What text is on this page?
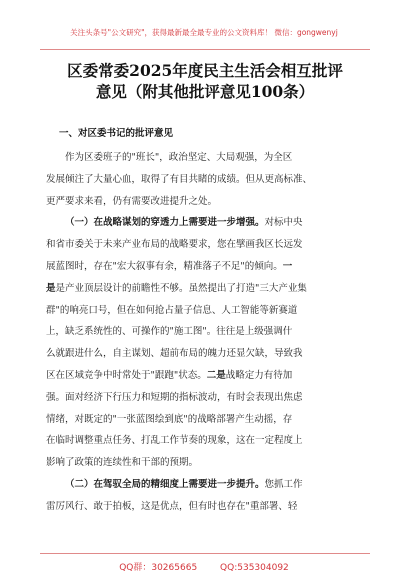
关注头条号"公文研究"，获得最新最全最专业的公文资料库！ 微信：gongwenyj
区委常委2025年度民主生活会相互批评
意见（附其他批评意见100条）
一、对区委书记的批评意见
作为区委班子的"班长"，政治坚定、大局观强，为全区
发展倾注了大量心血，取得了有目共睹的成绩。但从更高标准、
更严要求来看，仍有需要改进提升之处。
（一）在战略谋划的穿透力上需要进一步增强。对标中央
和省市委关于未来产业布局的战略要求，您在擘画我区长远发
展蓝图时，存在"宏大叙事有余，精准落子不足"的倾向。一
是是产业顶层设计的前瞻性不够。虽然提出了打造"三大产业集
群"的响亮口号，但在如何抢占量子信息、人工智能等新赛道
上，缺乏系统性的、可操作的"施工图"。往往是上级强调什
么就跟进什么，自主谋划、超前布局的魄力还显欠缺，导致我
区在区域竞争中时常处于"跟跑"状态。二是战略定力有待加
强。面对经济下行压力和短期的指标波动，有时会表现出焦虑
情绪，对既定的"一张蓝图绘到底"的战略部署产生动摇，存
在临时调整重点任务、打乱工作节奏的现象，这在一定程度上
影响了政策的连续性和干部的预期。
（二）在驾驭全局的精细度上需要进一步提升。您抓工作
雷厉风行、敢于拍板，这是优点，但有时也存在"重部署、轻
QQ群：30265665	QQ:535304092
